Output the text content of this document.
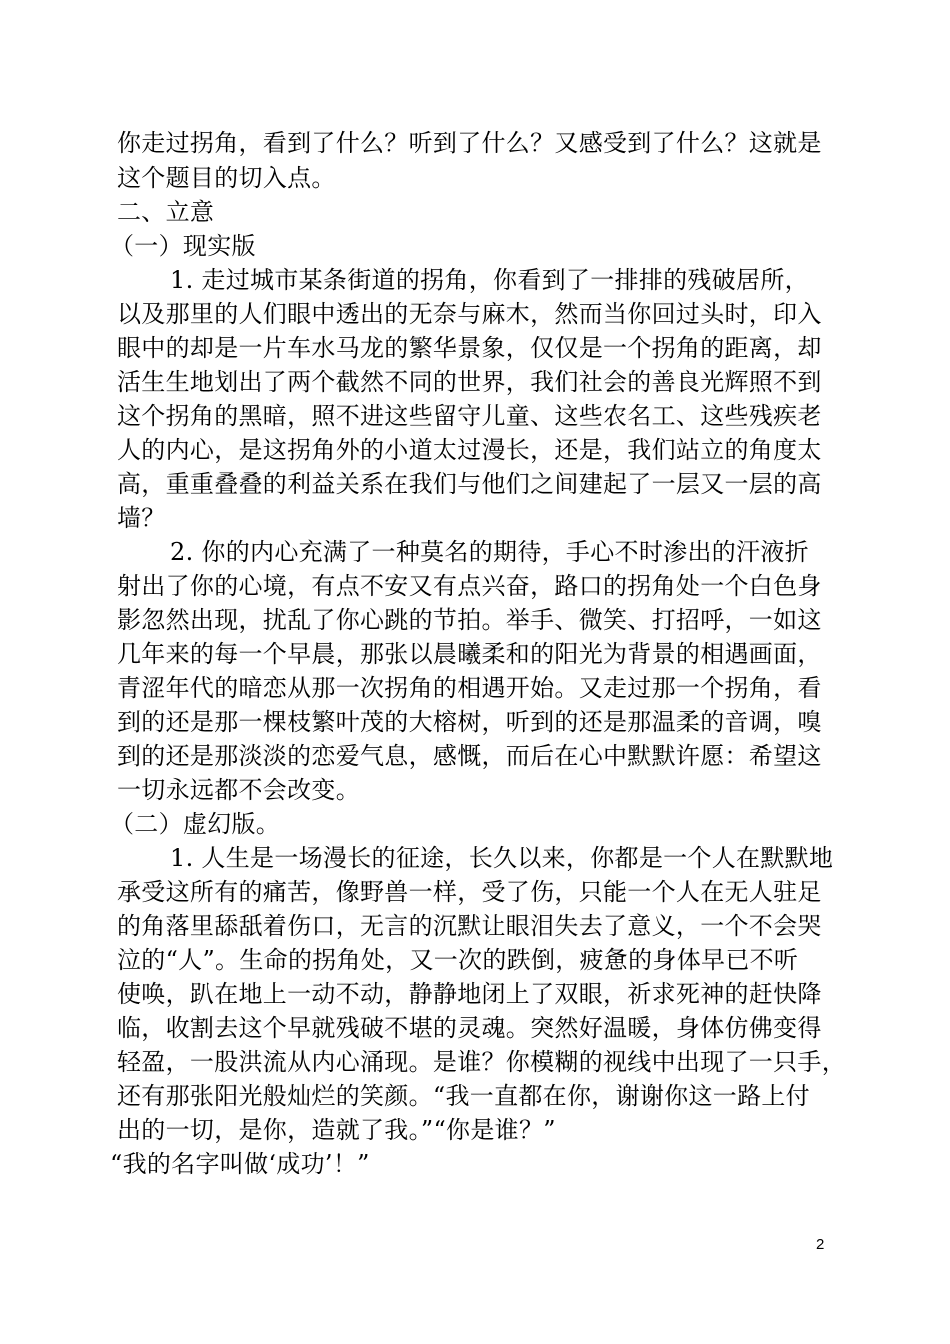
你走过拐角，看到了什么？听到了什么？又感受到了什么？这就是
这个题目的切入点。
二、立意
（一）现实版
1. 走过城市某条街道的拐角，你看到了一排排的残破居所，
以及那里的人们眼中透出的无奈与麻木，然而当你回过头时，印入
眼中的却是一片车水马龙的繁华景象，仅仅是一个拐角的距离，却
活生生地划出了两个截然不同的世界，我们社会的善良光辉照不到
这个拐角的黑暗，照不进这些留守儿童、这些农名工、这些残疾老
人的内心，是这拐角外的小道太过漫长，还是，我们站立的角度太
高，重重叠叠的利益关系在我们与他们之间建起了一层又一层的高
墙？
2. 你的内心充满了一种莫名的期待，手心不时渗出的汗液折
射出了你的心境，有点不安又有点兴奋，路口的拐角处一个白色身
影忽然出现，扰乱了你心跳的节拍。举手、微笑、打招呼，一如这
几年来的每一个早晨，那张以晨曦柔和的阳光为背景的相遇画面，
青涩年代的暗恋从那一次拐角的相遇开始。又走过那一个拐角，看
到的还是那一棵枝繁叶茂的大榕树，听到的还是那温柔的音调，嗅
到的还是那淡淡的恋爱气息，感慨，而后在心中默默许愿：希望这
一切永远都不会改变。
（二）虚幻版。
1. 人生是一场漫长的征途，长久以来，你都是一个人在默默地
承受这所有的痛苦，像野兽一样，受了伤，只能一个人在无人驻足
的角落里舔舐着伤口，无言的沉默让眼泪失去了意义，一个不会哭
泣的“人”。生命的拐角处，又一次的跌倒，疲惫的身体早已不听
使唤，趴在地上一动不动，静静地闭上了双眼，祈求死神的赶快降
临，收割去这个早就残破不堪的灵魂。突然好温暖，身体仿佛变得
轻盈，一股洪流从内心涌现。是谁？你模糊的视线中出现了一只手，
还有那张阳光般灿烂的笑颜。“我一直都在你，谢谢你这一路上付
出的一切，是你，造就了我。”“你是谁？”
“我的名字叫做‘成功’！”
2
